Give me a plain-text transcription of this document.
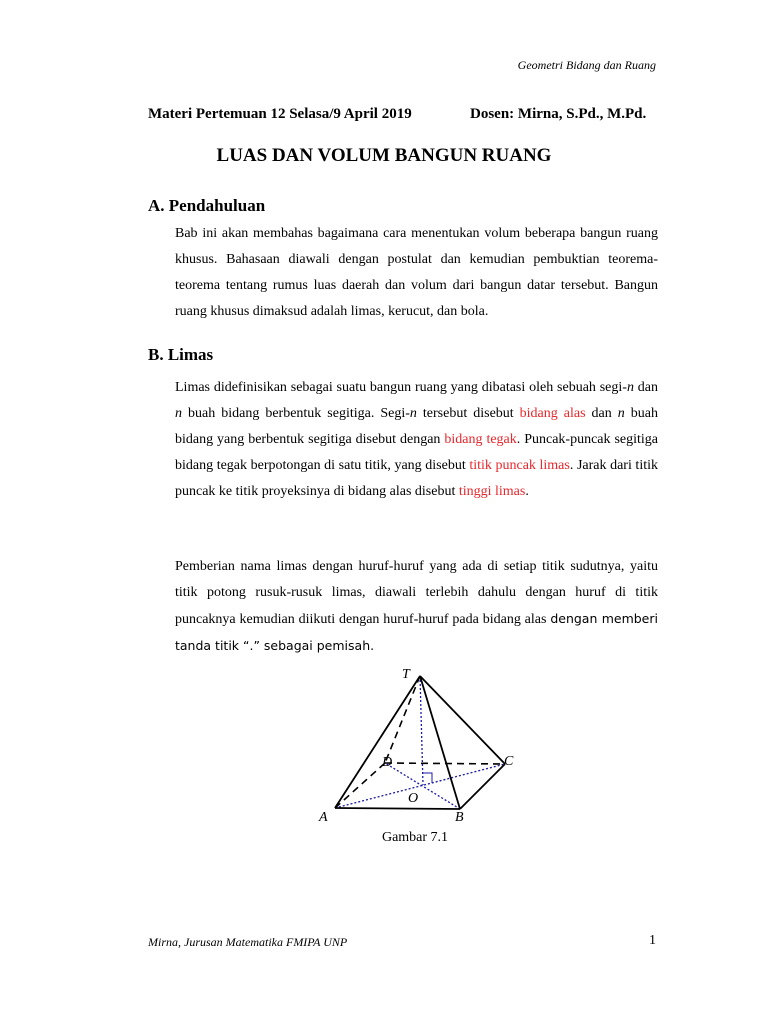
Geometri Bidang dan Ruang
Materi Pertemuan 12 Selasa/9 April 2019	Dosen: Mirna, S.Pd., M.Pd.
LUAS DAN VOLUM BANGUN RUANG
A. Pendahuluan
Bab ini akan membahas bagaimana cara menentukan volum beberapa bangun ruang khusus. Bahasaan diawali dengan postulat dan kemudian pembuktian teorema-teorema tentang rumus luas daerah dan volum dari bangun datar tersebut. Bangun ruang khusus dimaksud adalah limas, kerucut, dan bola.
B. Limas
Limas didefinisikan sebagai suatu bangun ruang yang dibatasi oleh sebuah segi-n dan n buah bidang berbentuk segitiga. Segi-n tersebut disebut bidang alas dan n buah bidang yang berbentuk segitiga disebut dengan bidang tegak. Puncak-puncak segitiga bidang tegak berpotongan di satu titik, yang disebut titik puncak limas. Jarak dari titik puncak ke titik proyeksinya di bidang alas disebut tinggi limas.
Pemberian nama limas dengan huruf-huruf yang ada di setiap titik sudutnya, yaitu titik potong rusuk-rusuk limas, diawali terlebih dahulu dengan huruf di titik puncaknya kemudian diikuti dengan huruf-huruf pada bidang alas dengan memberi tanda titik “.” sebagai pemisah.
T
D	C
O
A	B
Gambar 7.1
Mirna, Jurusan Matematika FMIPA UNP	1
